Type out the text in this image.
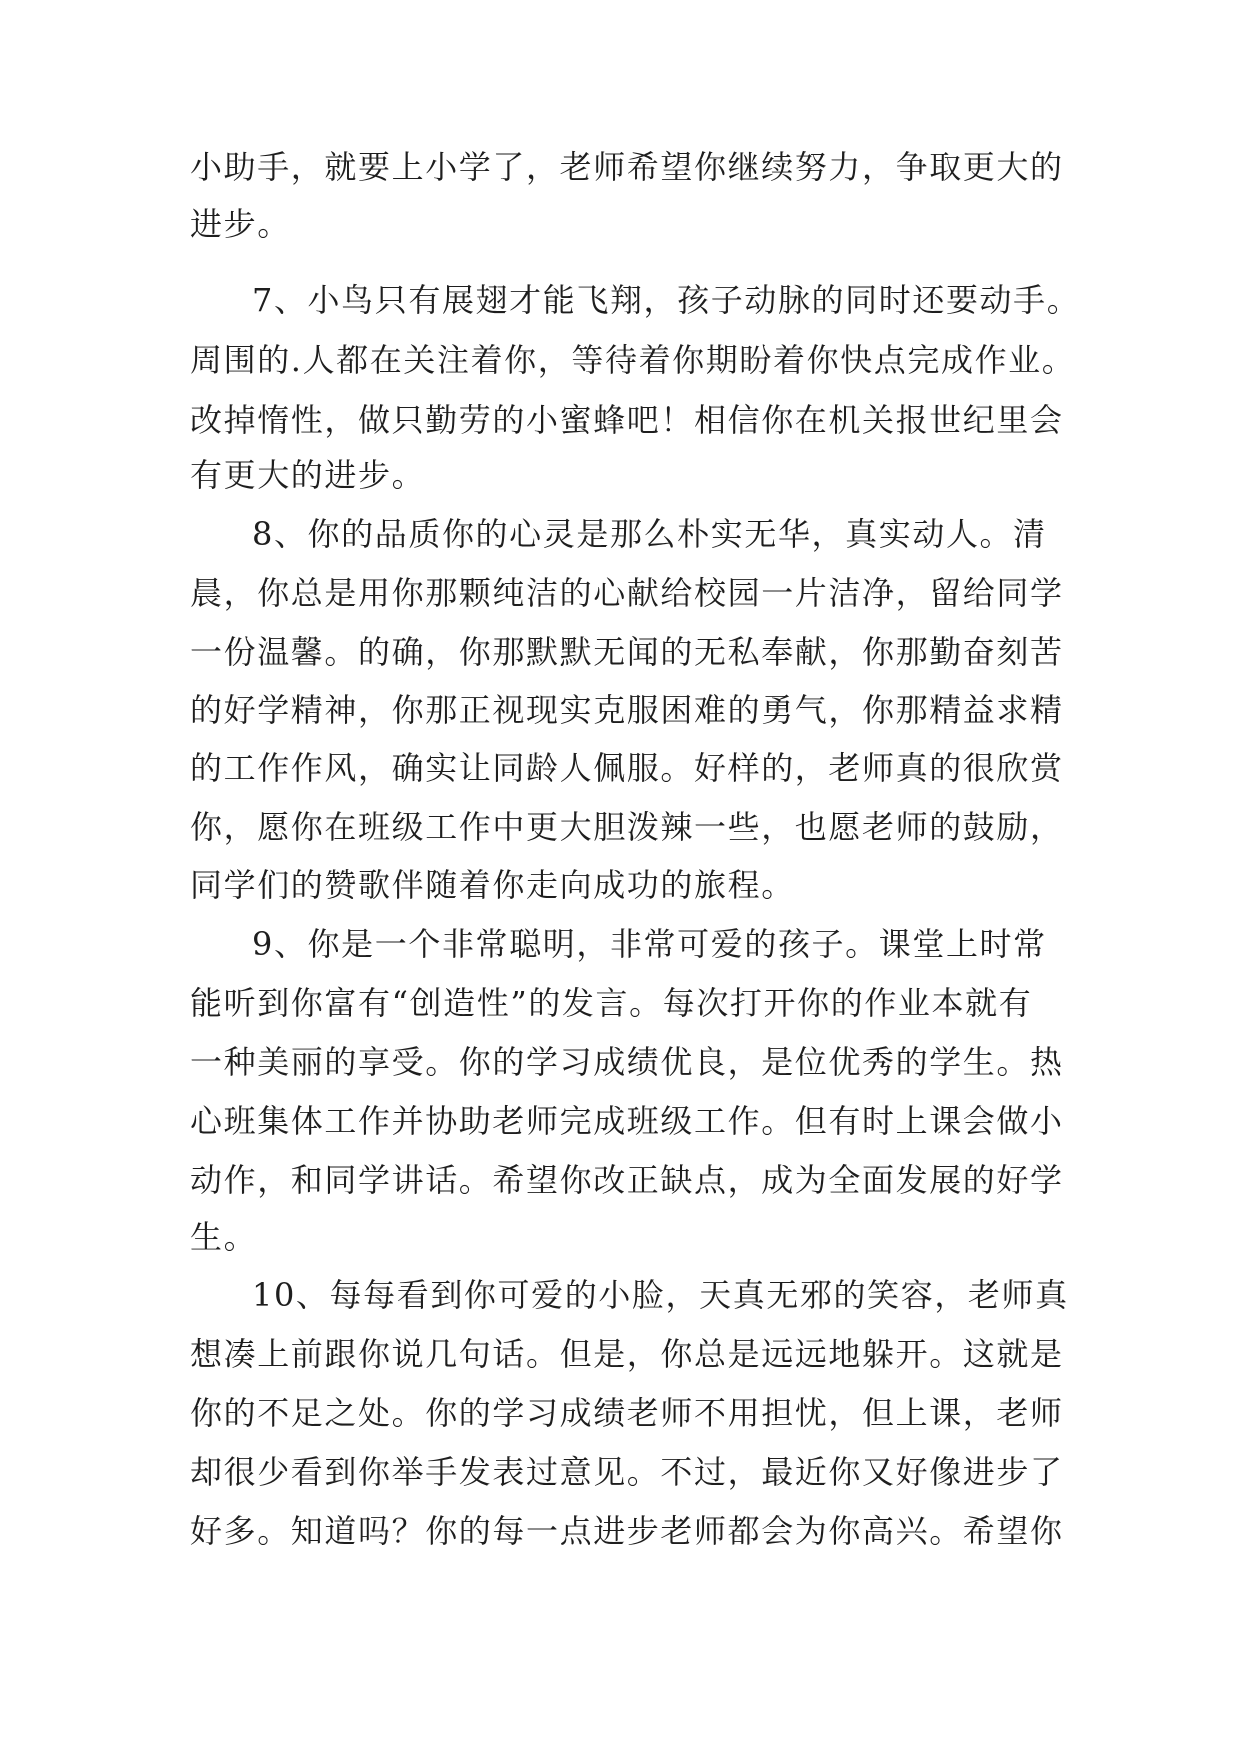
小助手，就要上小学了，老师希望你继续努力，争取更大的
进步。
7、小鸟只有展翅才能飞翔，孩子动脉的同时还要动手。
周围的.人都在关注着你，等待着你期盼着你快点完成作业。
改掉惰性，做只勤劳的小蜜蜂吧！相信你在机关报世纪里会
有更大的进步。
8、你的品质你的心灵是那么朴实无华，真实动人。清
晨，你总是用你那颗纯洁的心献给校园一片洁净，留给同学
一份温馨。的确，你那默默无闻的无私奉献，你那勤奋刻苦
的好学精神，你那正视现实克服困难的勇气，你那精益求精
的工作作风，确实让同龄人佩服。好样的，老师真的很欣赏
你，愿你在班级工作中更大胆泼辣一些，也愿老师的鼓励，
同学们的赞歌伴随着你走向成功的旅程。
9、你是一个非常聪明，非常可爱的孩子。课堂上时常
能听到你富有“创造性”的发言。每次打开你的作业本就有
一种美丽的享受。你的学习成绩优良，是位优秀的学生。热
心班集体工作并协助老师完成班级工作。但有时上课会做小
动作，和同学讲话。希望你改正缺点，成为全面发展的好学
生。
10、每每看到你可爱的小脸，天真无邪的笑容，老师真
想凑上前跟你说几句话。但是，你总是远远地躲开。这就是
你的不足之处。你的学习成绩老师不用担忧，但上课，老师
却很少看到你举手发表过意见。不过，最近你又好像进步了
好多。知道吗？你的每一点进步老师都会为你高兴。希望你
